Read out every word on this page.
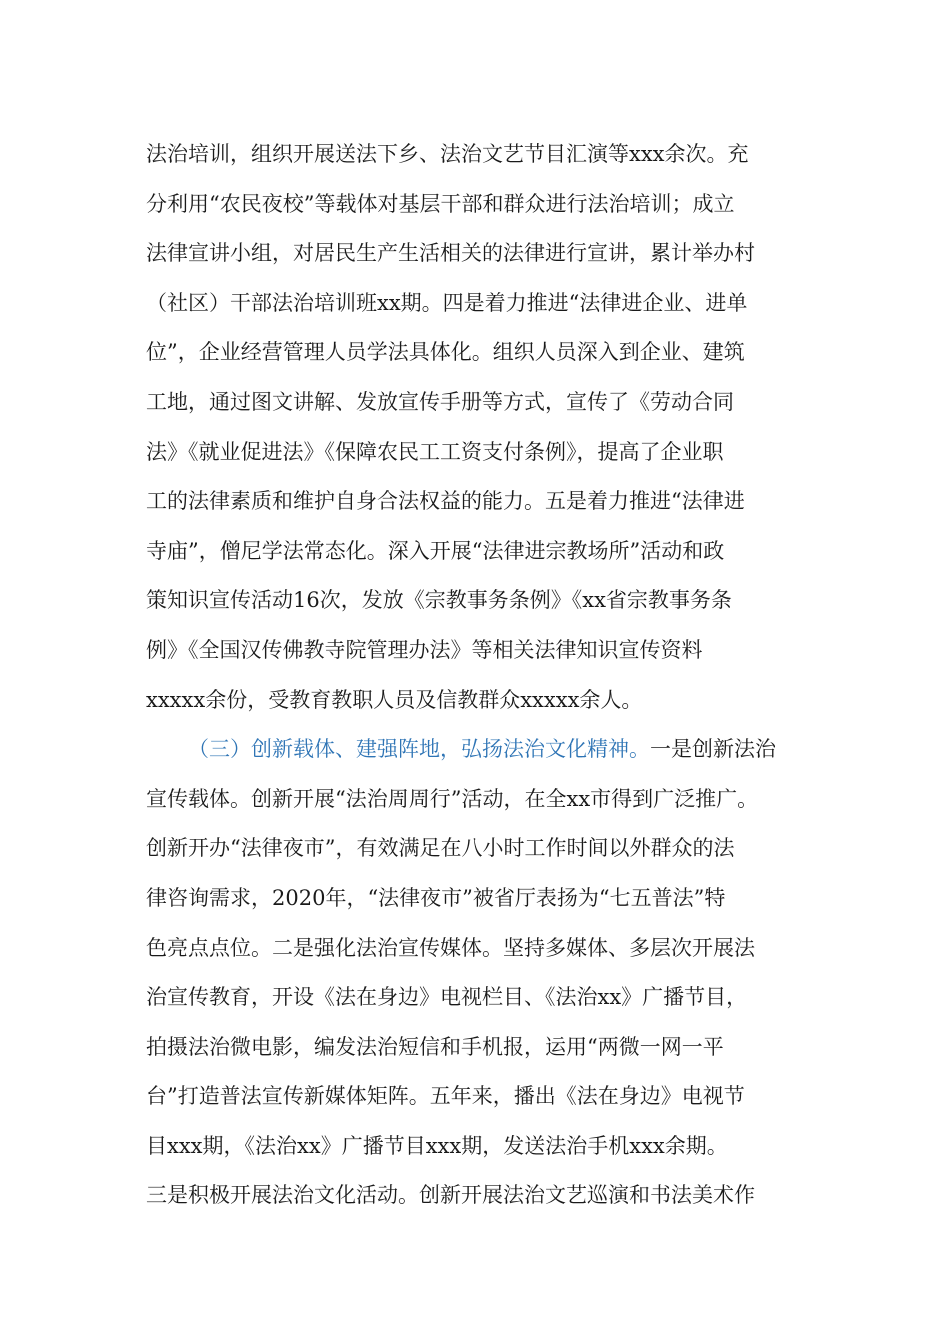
法治培训，组织开展送法下乡、法治文艺节目汇演等xxx余次。充
分利用“农民夜校”等载体对基层干部和群众进行法治培训；成立
法律宣讲小组，对居民生产生活相关的法律进行宣讲，累计举办村
（社区）干部法治培训班xx期。四是着力推进“法律进企业、进单
位”，企业经营管理人员学法具体化。组织人员深入到企业、建筑
工地，通过图文讲解、发放宣传手册等方式，宣传了《劳动合同
法》《就业促进法》《保障农民工工资支付条例》，提高了企业职
工的法律素质和维护自身合法权益的能力。五是着力推进“法律进
寺庙”，僧尼学法常态化。深入开展“法律进宗教场所”活动和政
策知识宣传活动16次，发放《宗教事务条例》《xx省宗教事务条
例》《全国汉传佛教寺院管理办法》等相关法律知识宣传资料
xxxxx余份，受教育教职人员及信教群众xxxxx余人。
（三）创新载体、建强阵地，弘扬法治文化精神。一是创新法治
宣传载体。创新开展“法治周周行”活动，在全xx市得到广泛推广。
创新开办“法律夜市”，有效满足在八小时工作时间以外群众的法
律咨询需求，2020年，“法律夜市”被省厅表扬为“七五普法”特
色亮点点位。二是强化法治宣传媒体。坚持多媒体、多层次开展法
治宣传教育，开设《法在身边》电视栏目、《法治xx》广播节目，
拍摄法治微电影，编发法治短信和手机报，运用“两微一网一平
台”打造普法宣传新媒体矩阵。五年来，播出《法在身边》电视节
目xxx期，《法治xx》广播节目xxx期，发送法治手机xxx余期。
三是积极开展法治文化活动。创新开展法治文艺巡演和书法美术作
